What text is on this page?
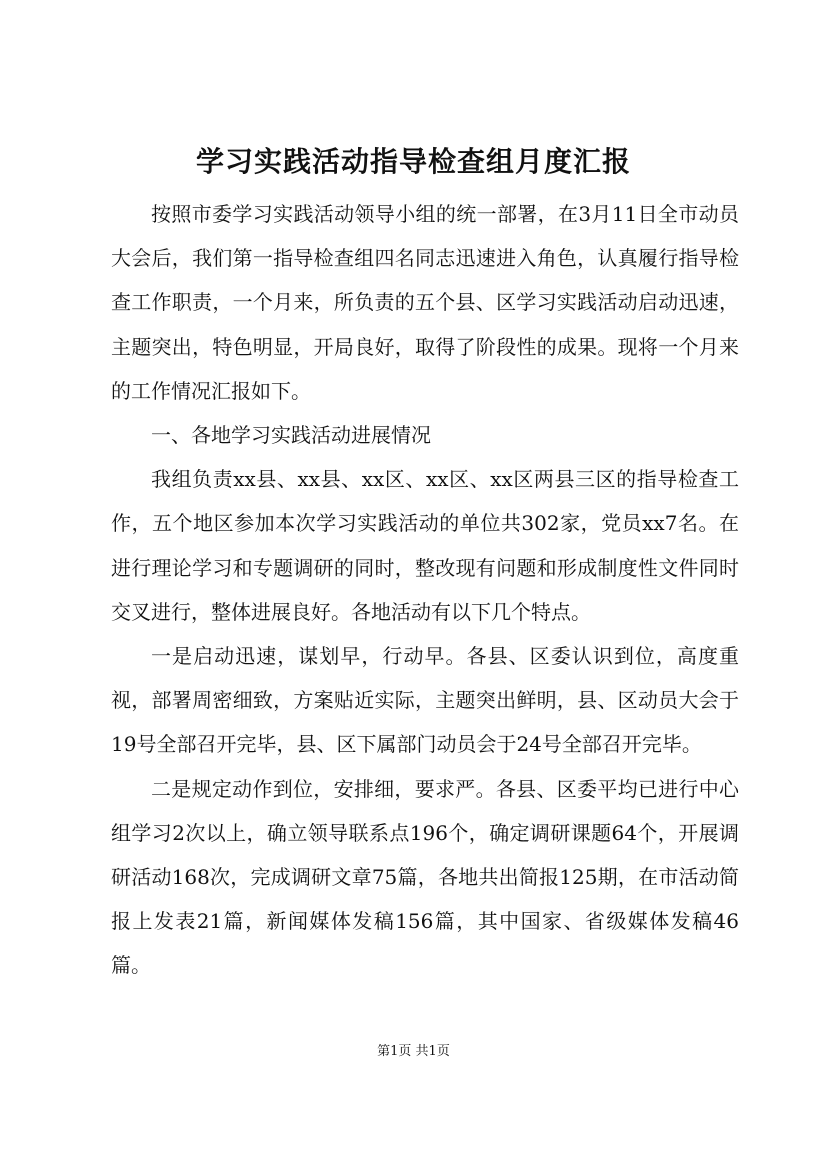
学习实践活动指导检查组月度汇报

按照市委学习实践活动领导小组的统一部署，在3月11日全市动员大会后，我们第一指导检查组四名同志迅速进入角色，认真履行指导检查工作职责，一个月来，所负责的五个县、区学习实践活动启动迅速，主题突出，特色明显，开局良好，取得了阶段性的成果。现将一个月来的工作情况汇报如下。

一、各地学习实践活动进展情况

我组负责xx县、xx县、xx区、xx区、xx区两县三区的指导检查工作，五个地区参加本次学习实践活动的单位共302家，党员xx7名。在进行理论学习和专题调研的同时，整改现有问题和形成制度性文件同时交叉进行，整体进展良好。各地活动有以下几个特点。

一是启动迅速，谋划早，行动早。各县、区委认识到位，高度重视，部署周密细致，方案贴近实际，主题突出鲜明，县、区动员大会于19号全部召开完毕，县、区下属部门动员会于24号全部召开完毕。

二是规定动作到位，安排细，要求严。各县、区委平均已进行中心组学习2次以上，确立领导联系点196个，确定调研课题64个，开展调研活动168次，完成调研文章75篇，各地共出简报125期，在市活动简报上发表21篇，新闻媒体发稿156篇，其中国家、省级媒体发稿46篇。

第1页 共1页
